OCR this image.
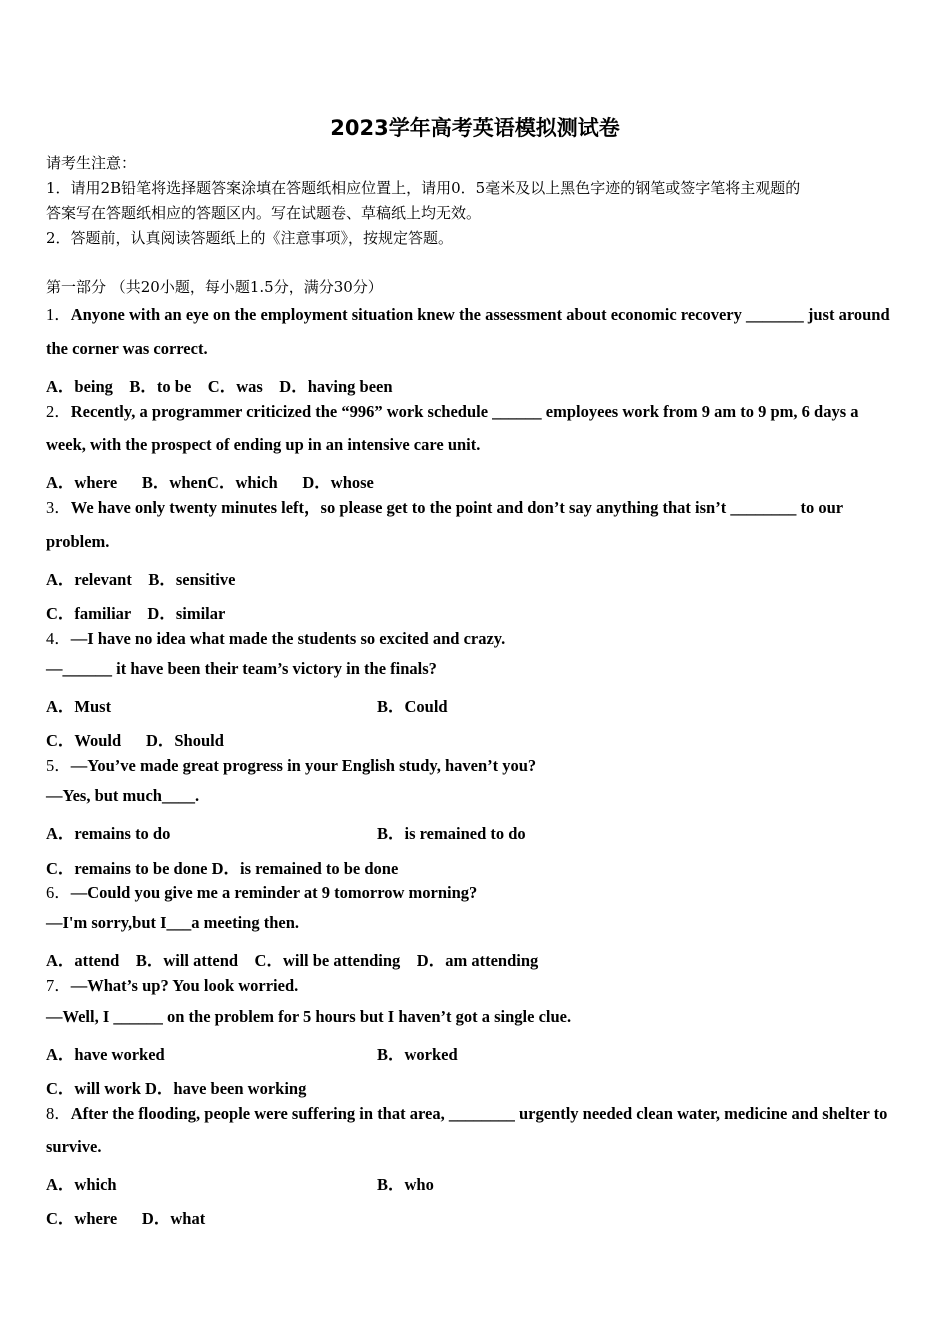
2023学年高考英语模拟测试卷
请考生注意：
1．请用2B铅笔将选择题答案涂填在答题纸相应位置上，请用0．5毫米及以上黑色字迹的钢笔或签字笔将主观题的
答案写在答题纸相应的答题区内。写在试题卷、草稿纸上均无效。
2．答题前，认真阅读答题纸上的《注意事项》，按规定答题。
第一部分 （共20小题，每小题1.5分，满分30分）
1．Anyone with an eye on the employment situation knew the assessment about economic recovery _______ just around
the corner was correct.
A．being    B．to be    C．was    D．having been
2．Recently, a programmer criticized the “996” work schedule ______ employees work from 9 am to 9 pm, 6 days a
week, with the prospect of ending up in an intensive care unit.
A．where      B．whenC．which      D．whose
3．We have only twenty minutes left，so please get to the point and don’t say anything that isn’t ________ to our
problem.
A．relevant    B．sensitive
C．familiar    D．similar
4．—I have no idea what made the students so excited and crazy.
—______ it have been their team’s victory in the finals?
A．Must	B．Could
C．Would      D．Should
5．—You’ve made great progress in your English study, haven’t you?
—Yes, but much____.
A．remains to do	B．is remained to do
C．remains to be done D．is remained to be done
6．—Could you give me a reminder at 9 tomorrow morning?
—I'm sorry,but I___a meeting then.
A．attend    B．will attend    C．will be attending    D．am attending
7．—What’s up? You look worried.
—Well, I ______ on the problem for 5 hours but I haven’t got a single clue.
A．have worked	B．worked
C．will work D．have been working
8．After the flooding, people were suffering in that area, ________ urgently needed clean water, medicine and shelter to
survive.
A．which	B．who
C．where      D．what
